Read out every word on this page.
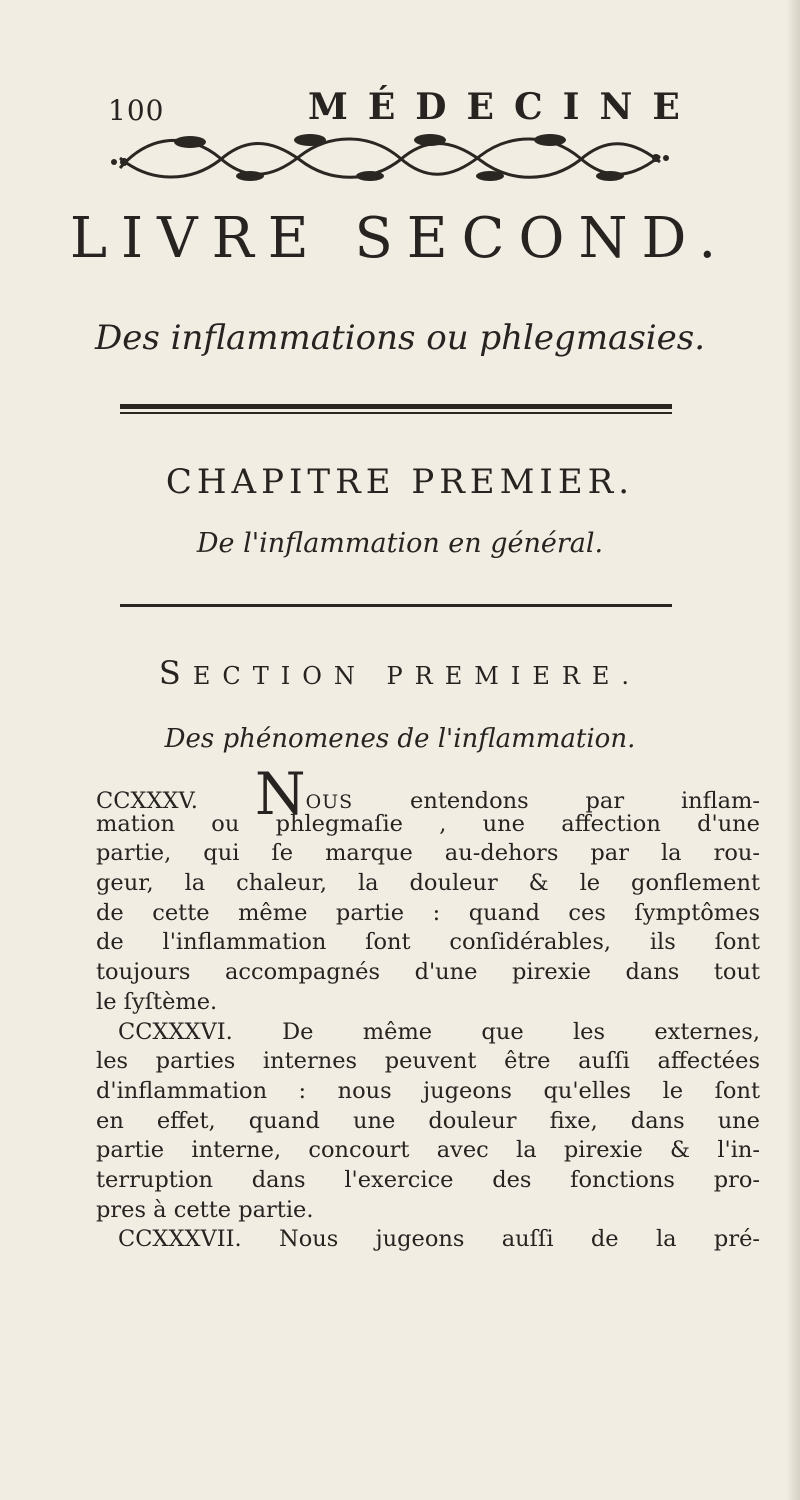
100	MÉDECINE
LIVRE SECOND.
Des inflammations ou phlegmasies.
CHAPITRE PREMIER.
De l'inflammation en général.
SECTION PREMIERE.
Des phénomenes de l'inflammation.
CCXXXV. NOUS entendons par inflam-
mation ou phlegmaſie , une affection d'une
partie, qui ſe marque au-dehors par la rou-
geur, la chaleur, la douleur & le gonflement
de cette même partie : quand ces ſymptômes
de l'inflammation ſont conſidérables, ils ſont
toujours accompagnés d'une pirexie dans tout
le ſyſtème.
CCXXXVI. De même que les externes,
les parties internes peuvent être auſſi affectées
d'inflammation : nous jugeons qu'elles le ſont
en effet, quand une douleur fixe, dans une
partie interne, concourt avec la pirexie & l'in-
terruption dans l'exercice des fonctions pro-
pres à cette partie.
CCXXXVII. Nous jugeons auſſi de la pré-
